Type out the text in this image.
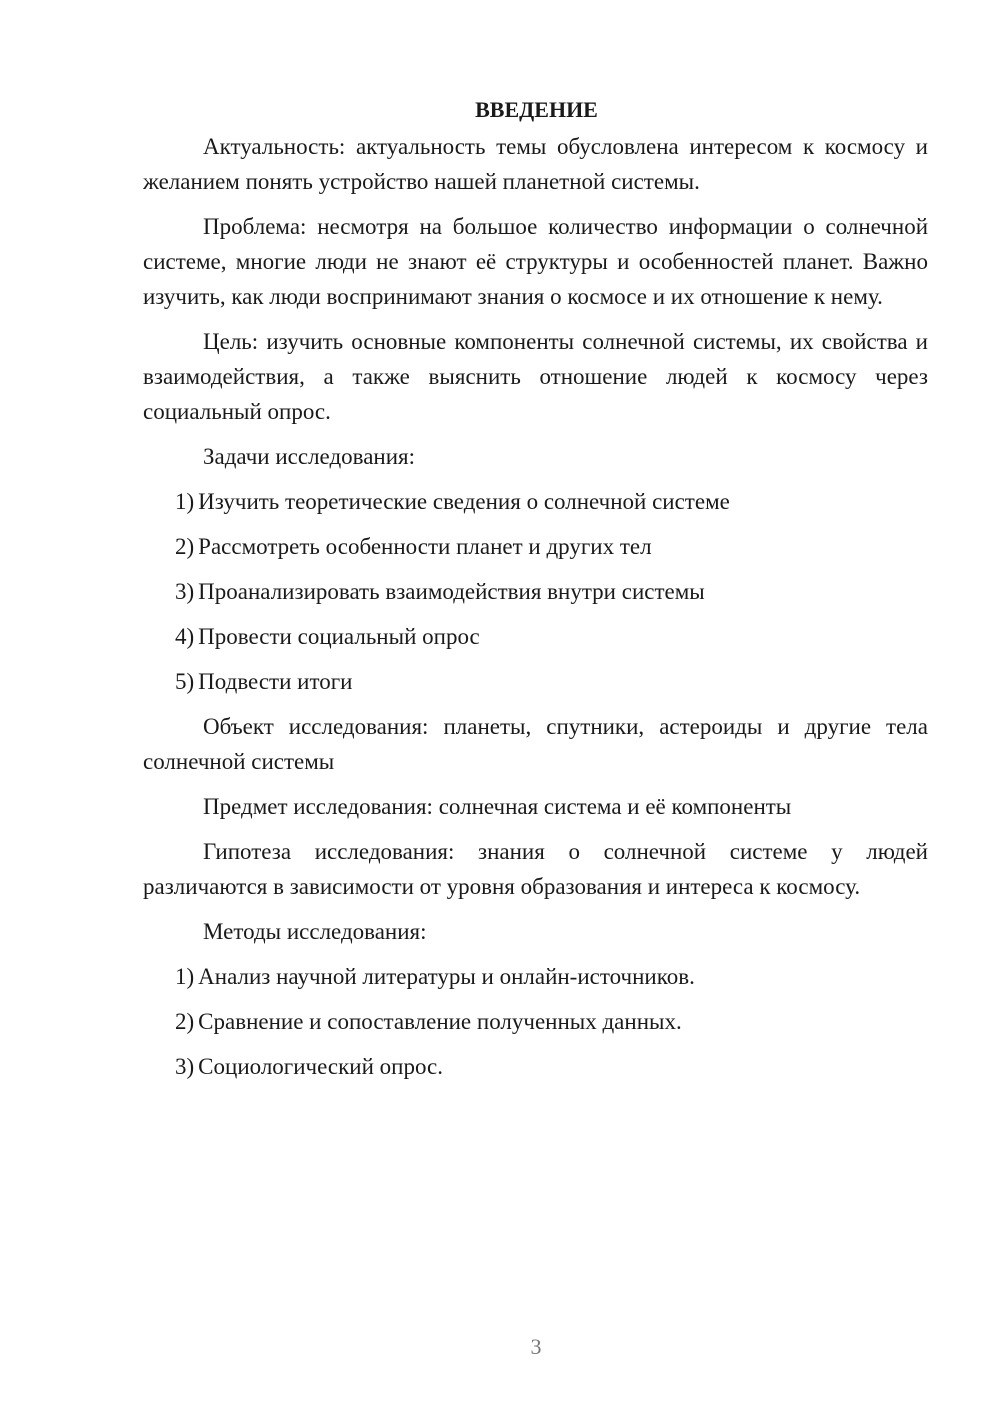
ВВЕДЕНИЕ

Актуальность: актуальность темы обусловлена интересом к космосу и желанием понять устройство нашей планетной системы.

Проблема: несмотря на большое количество информации о солнечной системе, многие люди не знают её структуры и особенностей планет. Важно изучить, как люди воспринимают знания о космосе и их отношение к нему.

Цель: изучить основные компоненты солнечной системы, их свойства и взаимодействия, а также выяснить отношение людей к космосу через социальный опрос.

Задачи исследования:

1) Изучить теоретические сведения о солнечной системе

2) Рассмотреть особенности планет и других тел

3) Проанализировать взаимодействия внутри системы

4) Провести социальный опрос

5) Подвести итоги

Объект исследования: планеты, спутники, астероиды и другие тела солнечной системы

Предмет исследования: солнечная система и её компоненты

Гипотеза исследования: знания о солнечной системе у людей различаются в зависимости от уровня образования и интереса к космосу.

Методы исследования:

1) Анализ научной литературы и онлайн-источников.

2) Сравнение и сопоставление полученных данных.

3) Социологический опрос.

3
